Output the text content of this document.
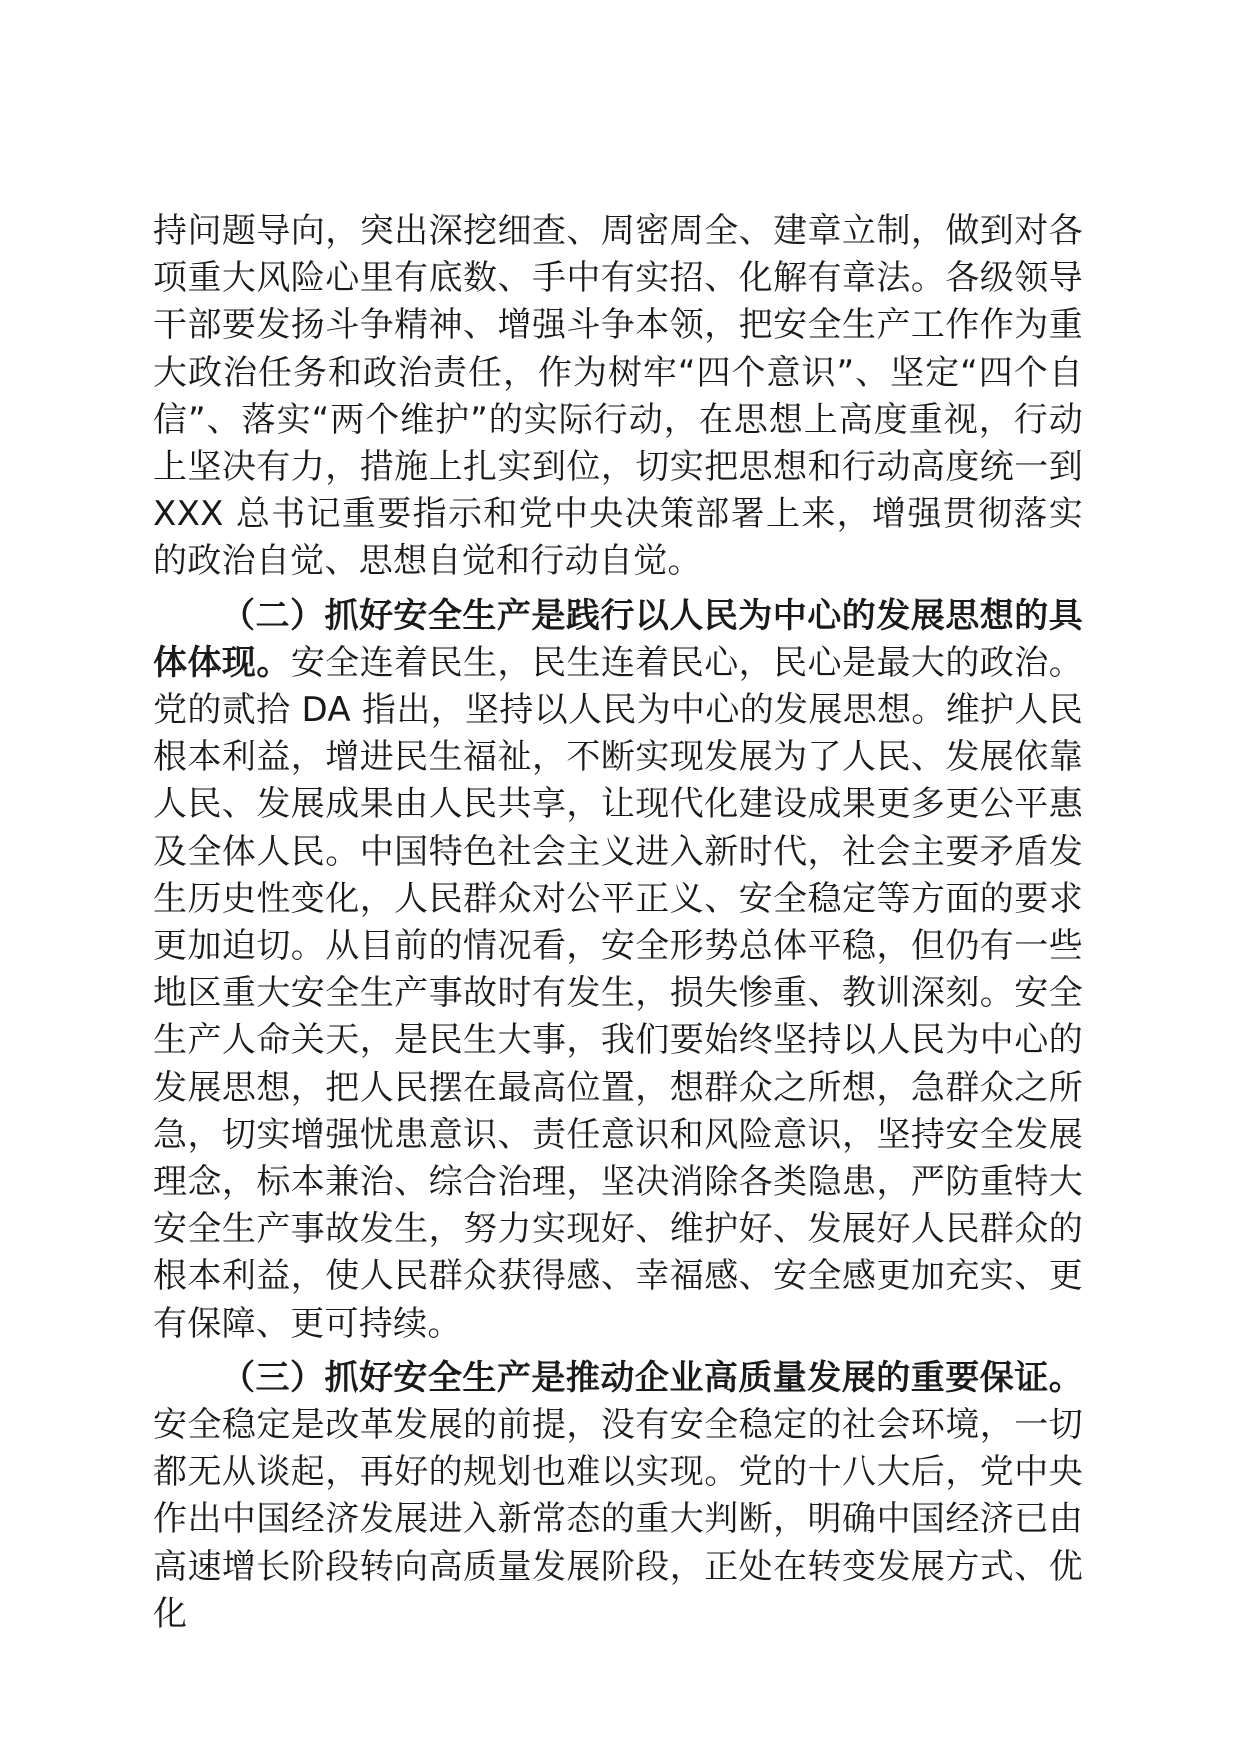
持问题导向，突出深挖细查、周密周全、建章立制，做到对各项重大风险心里有底数、手中有实招、化解有章法。各级领导干部要发扬斗争精神、增强斗争本领，把安全生产工作作为重大政治任务和政治责任，作为树牢“四个意识”、坚定“四个自信”、落实“两个维护”的实际行动，在思想上高度重视，行动上坚决有力，措施上扎实到位，切实把思想和行动高度统一到 XXX 总书记重要指示和党中央决策部署上来，增强贯彻落实的政治自觉、思想自觉和行动自觉。

（二）抓好安全生产是践行以人民为中心的发展思想的具体体现。安全连着民生，民生连着民心，民心是最大的政治。党的贰拾 DA 指出，坚持以人民为中心的发展思想。维护人民根本利益，增进民生福祉，不断实现发展为了人民、发展依靠人民、发展成果由人民共享，让现代化建设成果更多更公平惠及全体人民。中国特色社会主义进入新时代，社会主要矛盾发生历史性变化，人民群众对公平正义、安全稳定等方面的要求更加迫切。从目前的情况看，安全形势总体平稳，但仍有一些地区重大安全生产事故时有发生，损失惨重、教训深刻。安全生产人命关天，是民生大事，我们要始终坚持以人民为中心的发展思想，把人民摆在最高位置，想群众之所想，急群众之所急，切实增强忧患意识、责任意识和风险意识，坚持安全发展理念，标本兼治、综合治理，坚决消除各类隐患，严防重特大安全生产事故发生，努力实现好、维护好、发展好人民群众的根本利益，使人民群众获得感、幸福感、安全感更加充实、更有保障、更可持续。

（三）抓好安全生产是推动企业高质量发展的重要保证。安全稳定是改革发展的前提，没有安全稳定的社会环境，一切都无从谈起，再好的规划也难以实现。党的十八大后，党中央作出中国经济发展进入新常态的重大判断，明确中国经济已由高速增长阶段转向高质量发展阶段，正处在转变发展方式、优化
